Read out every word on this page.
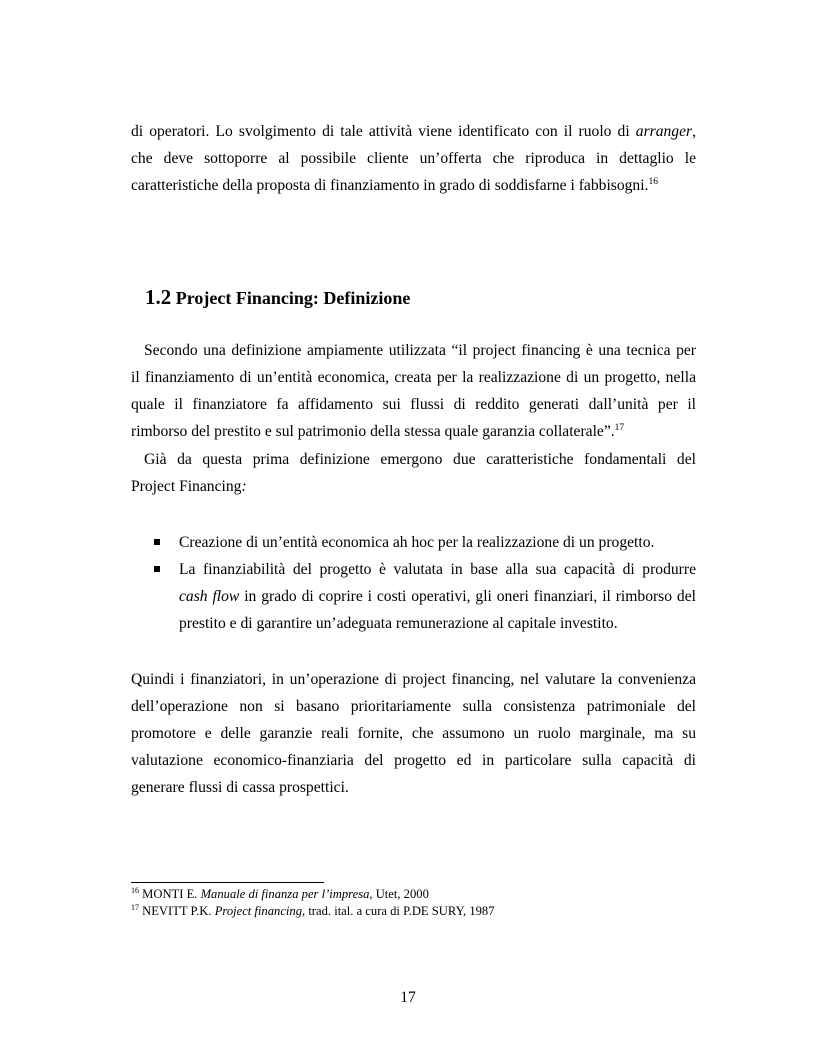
di operatori. Lo svolgimento di tale attività viene identificato con il ruolo di arranger,
che deve sottoporre al possibile cliente un’offerta che riproduca in dettaglio le
caratteristiche della proposta di finanziamento in grado di soddisfarne i fabbisogni.$^{16}$

1.2 Project Financing: Definizione

Secondo una definizione ampiamente utilizzata “il project financing è una tecnica per
il finanziamento di un’entità economica, creata per la realizzazione di un progetto, nella
quale il finanziatore fa affidamento sui flussi di reddito generati dall’unità per il
rimborso del prestito e sul patrimonio della stessa quale garanzia collaterale”.$^{17}$

Già da questa prima definizione emergono due caratteristiche fondamentali del
Project Financing:

Creazione di un’entità economica ah hoc per la realizzazione di un progetto.
La finanziabilità del progetto è valutata in base alla sua capacità di produrre
cash flow in grado di coprire i costi operativi, gli oneri finanziari, il rimborso del
prestito e di garantire un’adeguata remunerazione al capitale investito.

Quindi i finanziatori, in un’operazione di project financing, nel valutare la convenienza
dell’operazione non si basano prioritariamente sulla consistenza patrimoniale del
promotore e delle garanzie reali fornite, che assumono un ruolo marginale, ma su
valutazione economico-finanziaria del progetto ed in particolare sulla capacità di
generare flussi di cassa prospettici.

$^{16}$ MONTI E. Manuale di finanza per l’impresa, Utet, 2000
$^{17}$ NEVITT P.K. Project financing, trad. ital. a cura di P.DE SURY, 1987
17
